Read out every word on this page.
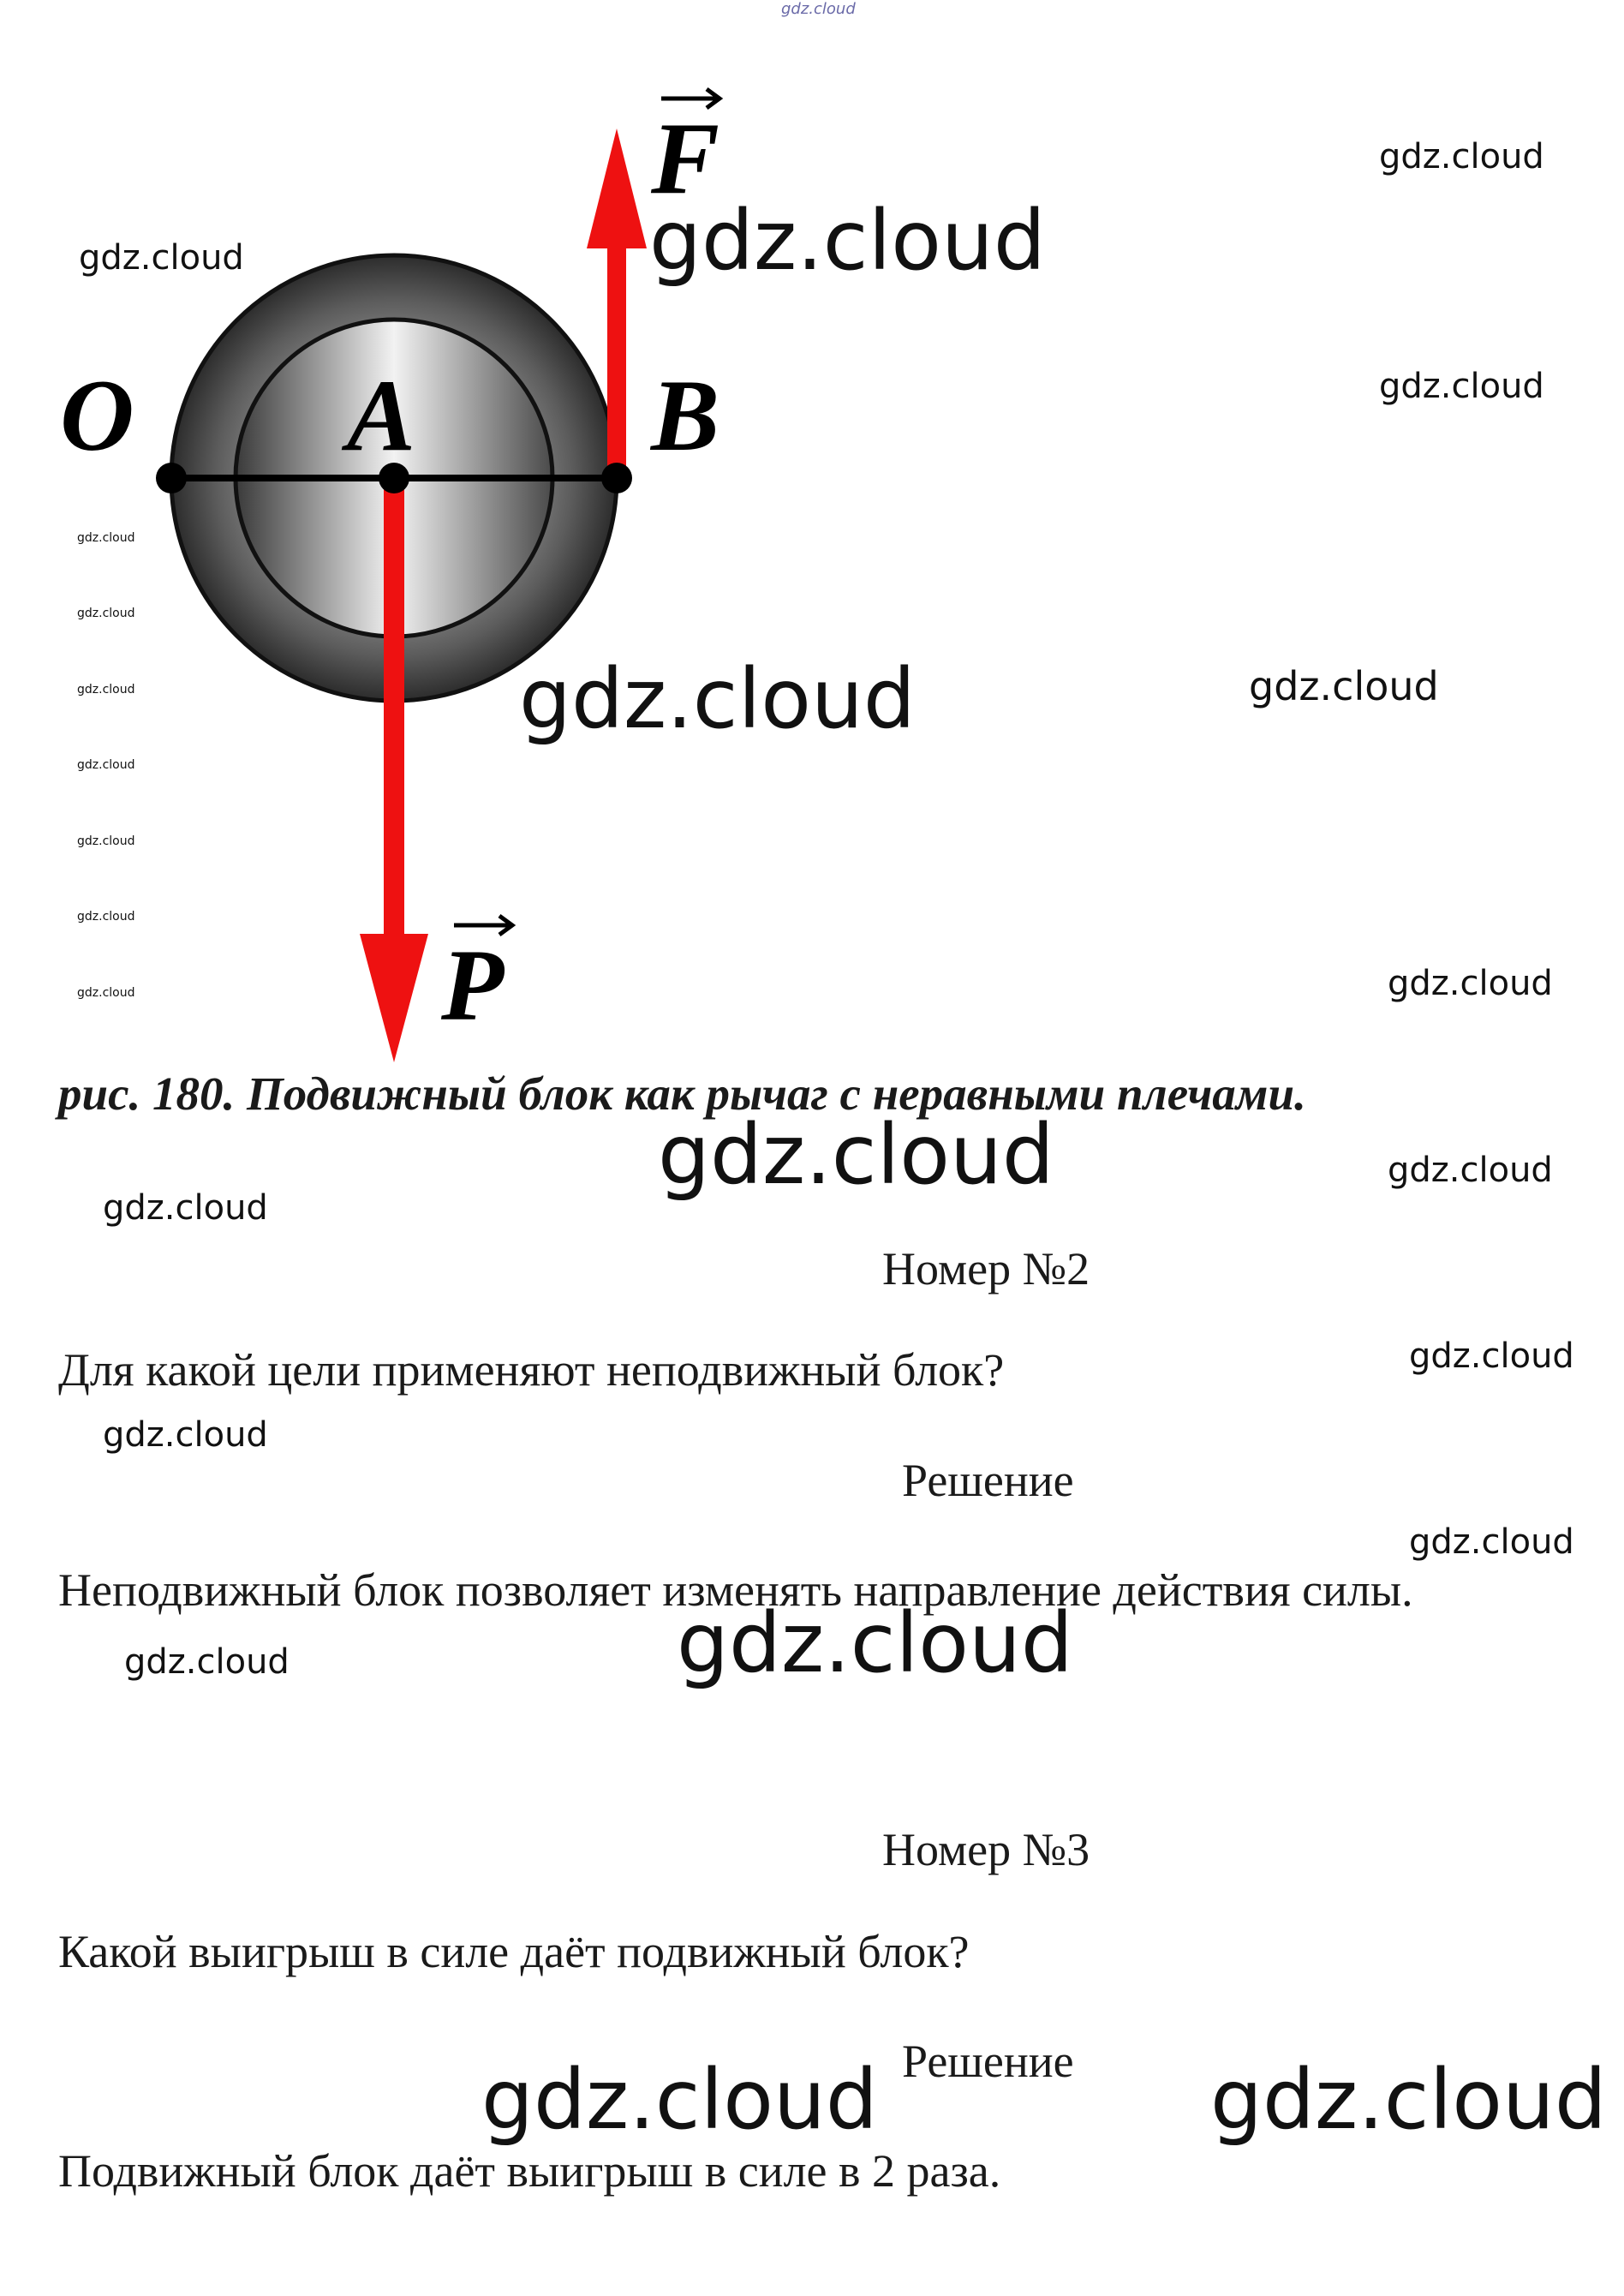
O A B
F
P
gdz.cloud
gdz.cloud
gdz.cloud	gdz.cloud
gdz.cloud
gdz.cloud
gdz.cloud
gdz.cloud
gdz.cloud
gdz.cloud
gdz.cloud
gdz.cloud
gdz.cloud	gdz.cloud
gdz.cloud
gdz.cloud	gdz.cloud
gdz.cloud
gdz.cloud
gdz.cloud
gdz.cloud
gdz.cloud
gdz.cloud
gdz.cloud	gdz.cloud
рис. 180. Подвижный блок как рычаг с неравными плечами.
Номер №2
Для какой цели применяют неподвижный блок?
Решение
Неподвижный блок позволяет изменять направление действия силы.
Номер №3
Какой выигрыш в силе даёт подвижный блок?
Решение
Подвижный блок даёт выигрыш в силе в 2 раза.
